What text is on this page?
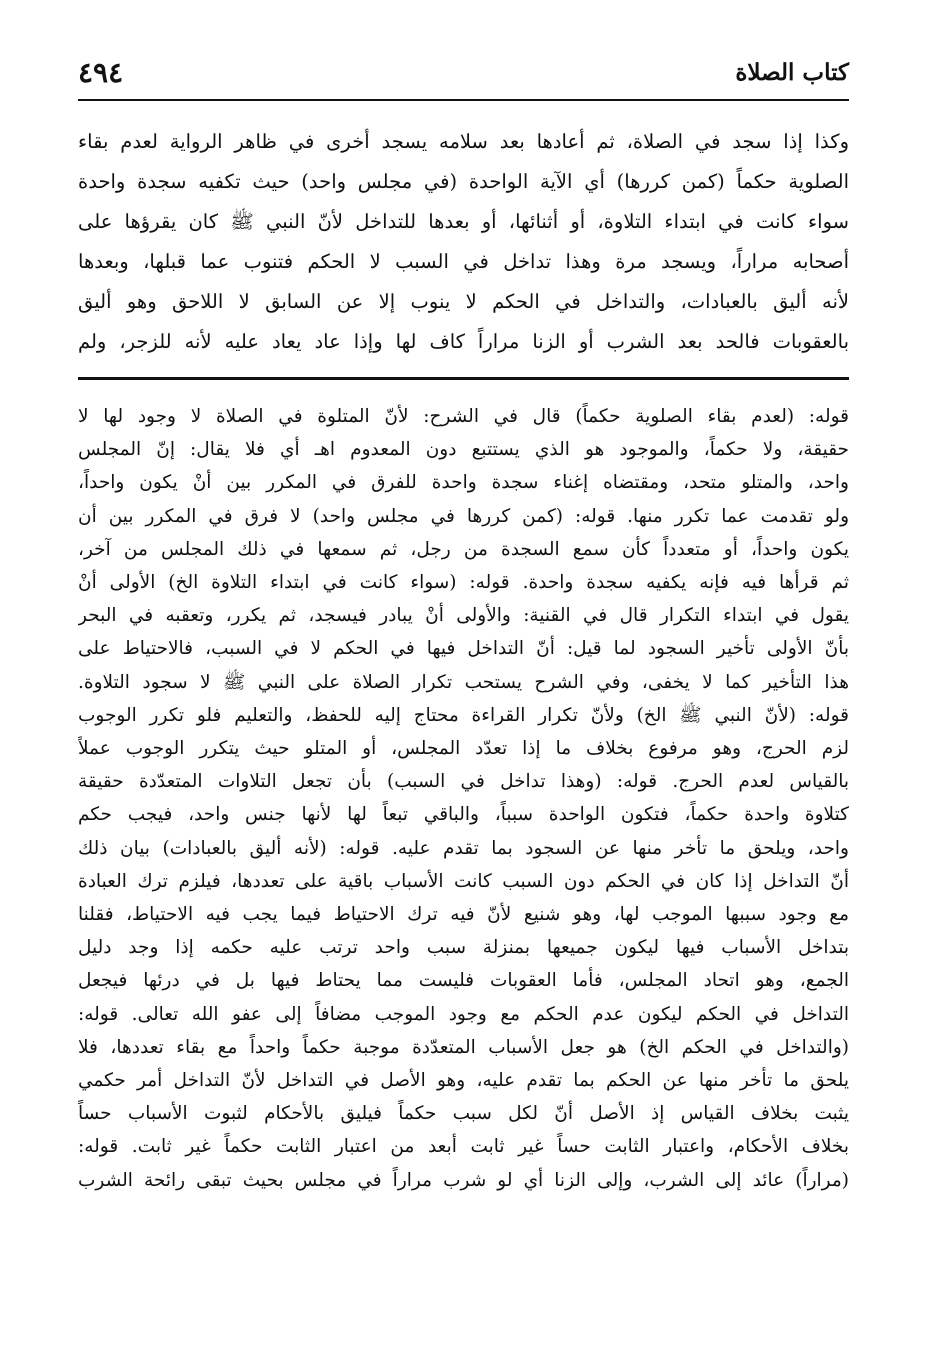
كتاب الصلاة
٤٩٤
وكذا إذا سجد في الصلاة، ثم أعادها بعد سلامه يسجد أخرى في ظاهر الرواية لعدم بقاء
الصلوية حكماً (كمن كررها) أي الآية الواحدة (في مجلس واحد) حيث تكفيه سجدة واحدة
سواء كانت في ابتداء التلاوة، أو أثنائها، أو بعدها للتداخل لأنّ النبي ﷺ كان يقرؤها على
أصحابه مراراً، ويسجد مرة وهذا تداخل في السبب لا الحكم فتنوب عما قبلها، وبعدها
لأنه أليق بالعبادات، والتداخل في الحكم لا ينوب إلا عن السابق لا اللاحق وهو أليق
بالعقوبات فالحد بعد الشرب أو الزنا مراراً كاف لها وإذا عاد يعاد عليه لأنه للزجر، ولم
قوله: (لعدم بقاء الصلوية حكماً) قال في الشرح: لأنّ المتلوة في الصلاة لا وجود لها لا
حقيقة، ولا حكماً، والموجود هو الذي يستتبع دون المعدوم اهـ أي فلا يقال: إنّ المجلس
واحد، والمتلو متحد، ومقتضاه إغناء سجدة واحدة للفرق في المكرر بين أنْ يكون واحداً،
ولو تقدمت عما تكرر منها. قوله: (كمن كررها في مجلس واحد) لا فرق في المكرر بين أن
يكون واحداً، أو متعدداً كأن سمع السجدة من رجل، ثم سمعها في ذلك المجلس من آخر،
ثم قرأها فيه فإنه يكفيه سجدة واحدة. قوله: (سواء كانت في ابتداء التلاوة الخ) الأولى أنْ
يقول في ابتداء التكرار قال في القنية: والأولى أنْ يبادر فيسجد، ثم يكرر، وتعقبه في البحر
بأنّ الأولى تأخير السجود لما قيل: أنّ التداخل فيها في الحكم لا في السبب، فالاحتياط على
هذا التأخير كما لا يخفى، وفي الشرح يستحب تكرار الصلاة على النبي ﷺ لا سجود التلاوة.
قوله: (لأنّ النبي ﷺ الخ) ولأنّ تكرار القراءة محتاج إليه للحفظ، والتعليم فلو تكرر الوجوب
لزم الحرج، وهو مرفوع بخلاف ما إذا تعدّد المجلس، أو المتلو حيث يتكرر الوجوب عملاً
بالقياس لعدم الحرج. قوله: (وهذا تداخل في السبب) بأن تجعل التلاوات المتعدّدة حقيقة
كتلاوة واحدة حكماً، فتكون الواحدة سبباً، والباقي تبعاً لها لأنها جنس واحد، فيجب حكم
واحد، ويلحق ما تأخر منها عن السجود بما تقدم عليه. قوله: (لأنه أليق بالعبادات) بيان ذلك
أنّ التداخل إذا كان في الحكم دون السبب كانت الأسباب باقية على تعددها، فيلزم ترك العبادة
مع وجود سببها الموجب لها، وهو شنيع لأنّ فيه ترك الاحتياط فيما يجب فيه الاحتياط، فقلنا
بتداخل الأسباب فيها ليكون جميعها بمنزلة سبب واحد ترتب عليه حكمه إذا وجد دليل
الجمع، وهو اتحاد المجلس، فأما العقوبات فليست مما يحتاط فيها بل في درئها فيجعل
التداخل في الحكم ليكون عدم الحكم مع وجود الموجب مضافاً إلى عفو الله تعالى. قوله:
(والتداخل في الحكم الخ) هو جعل الأسباب المتعدّدة موجبة حكماً واحداً مع بقاء تعددها، فلا
يلحق ما تأخر منها عن الحكم بما تقدم عليه، وهو الأصل في التداخل لأنّ التداخل أمر حكمي
يثبت بخلاف القياس إذ الأصل أنّ لكل سبب حكماً فيليق بالأحكام لثبوت الأسباب حساً
بخلاف الأحكام، واعتبار الثابت حساً غير ثابت أبعد من اعتبار الثابت حكماً غير ثابت. قوله:
(مراراً) عائد إلى الشرب، وإلى الزنا أي لو شرب مراراً في مجلس بحيث تبقى رائحة الشرب
